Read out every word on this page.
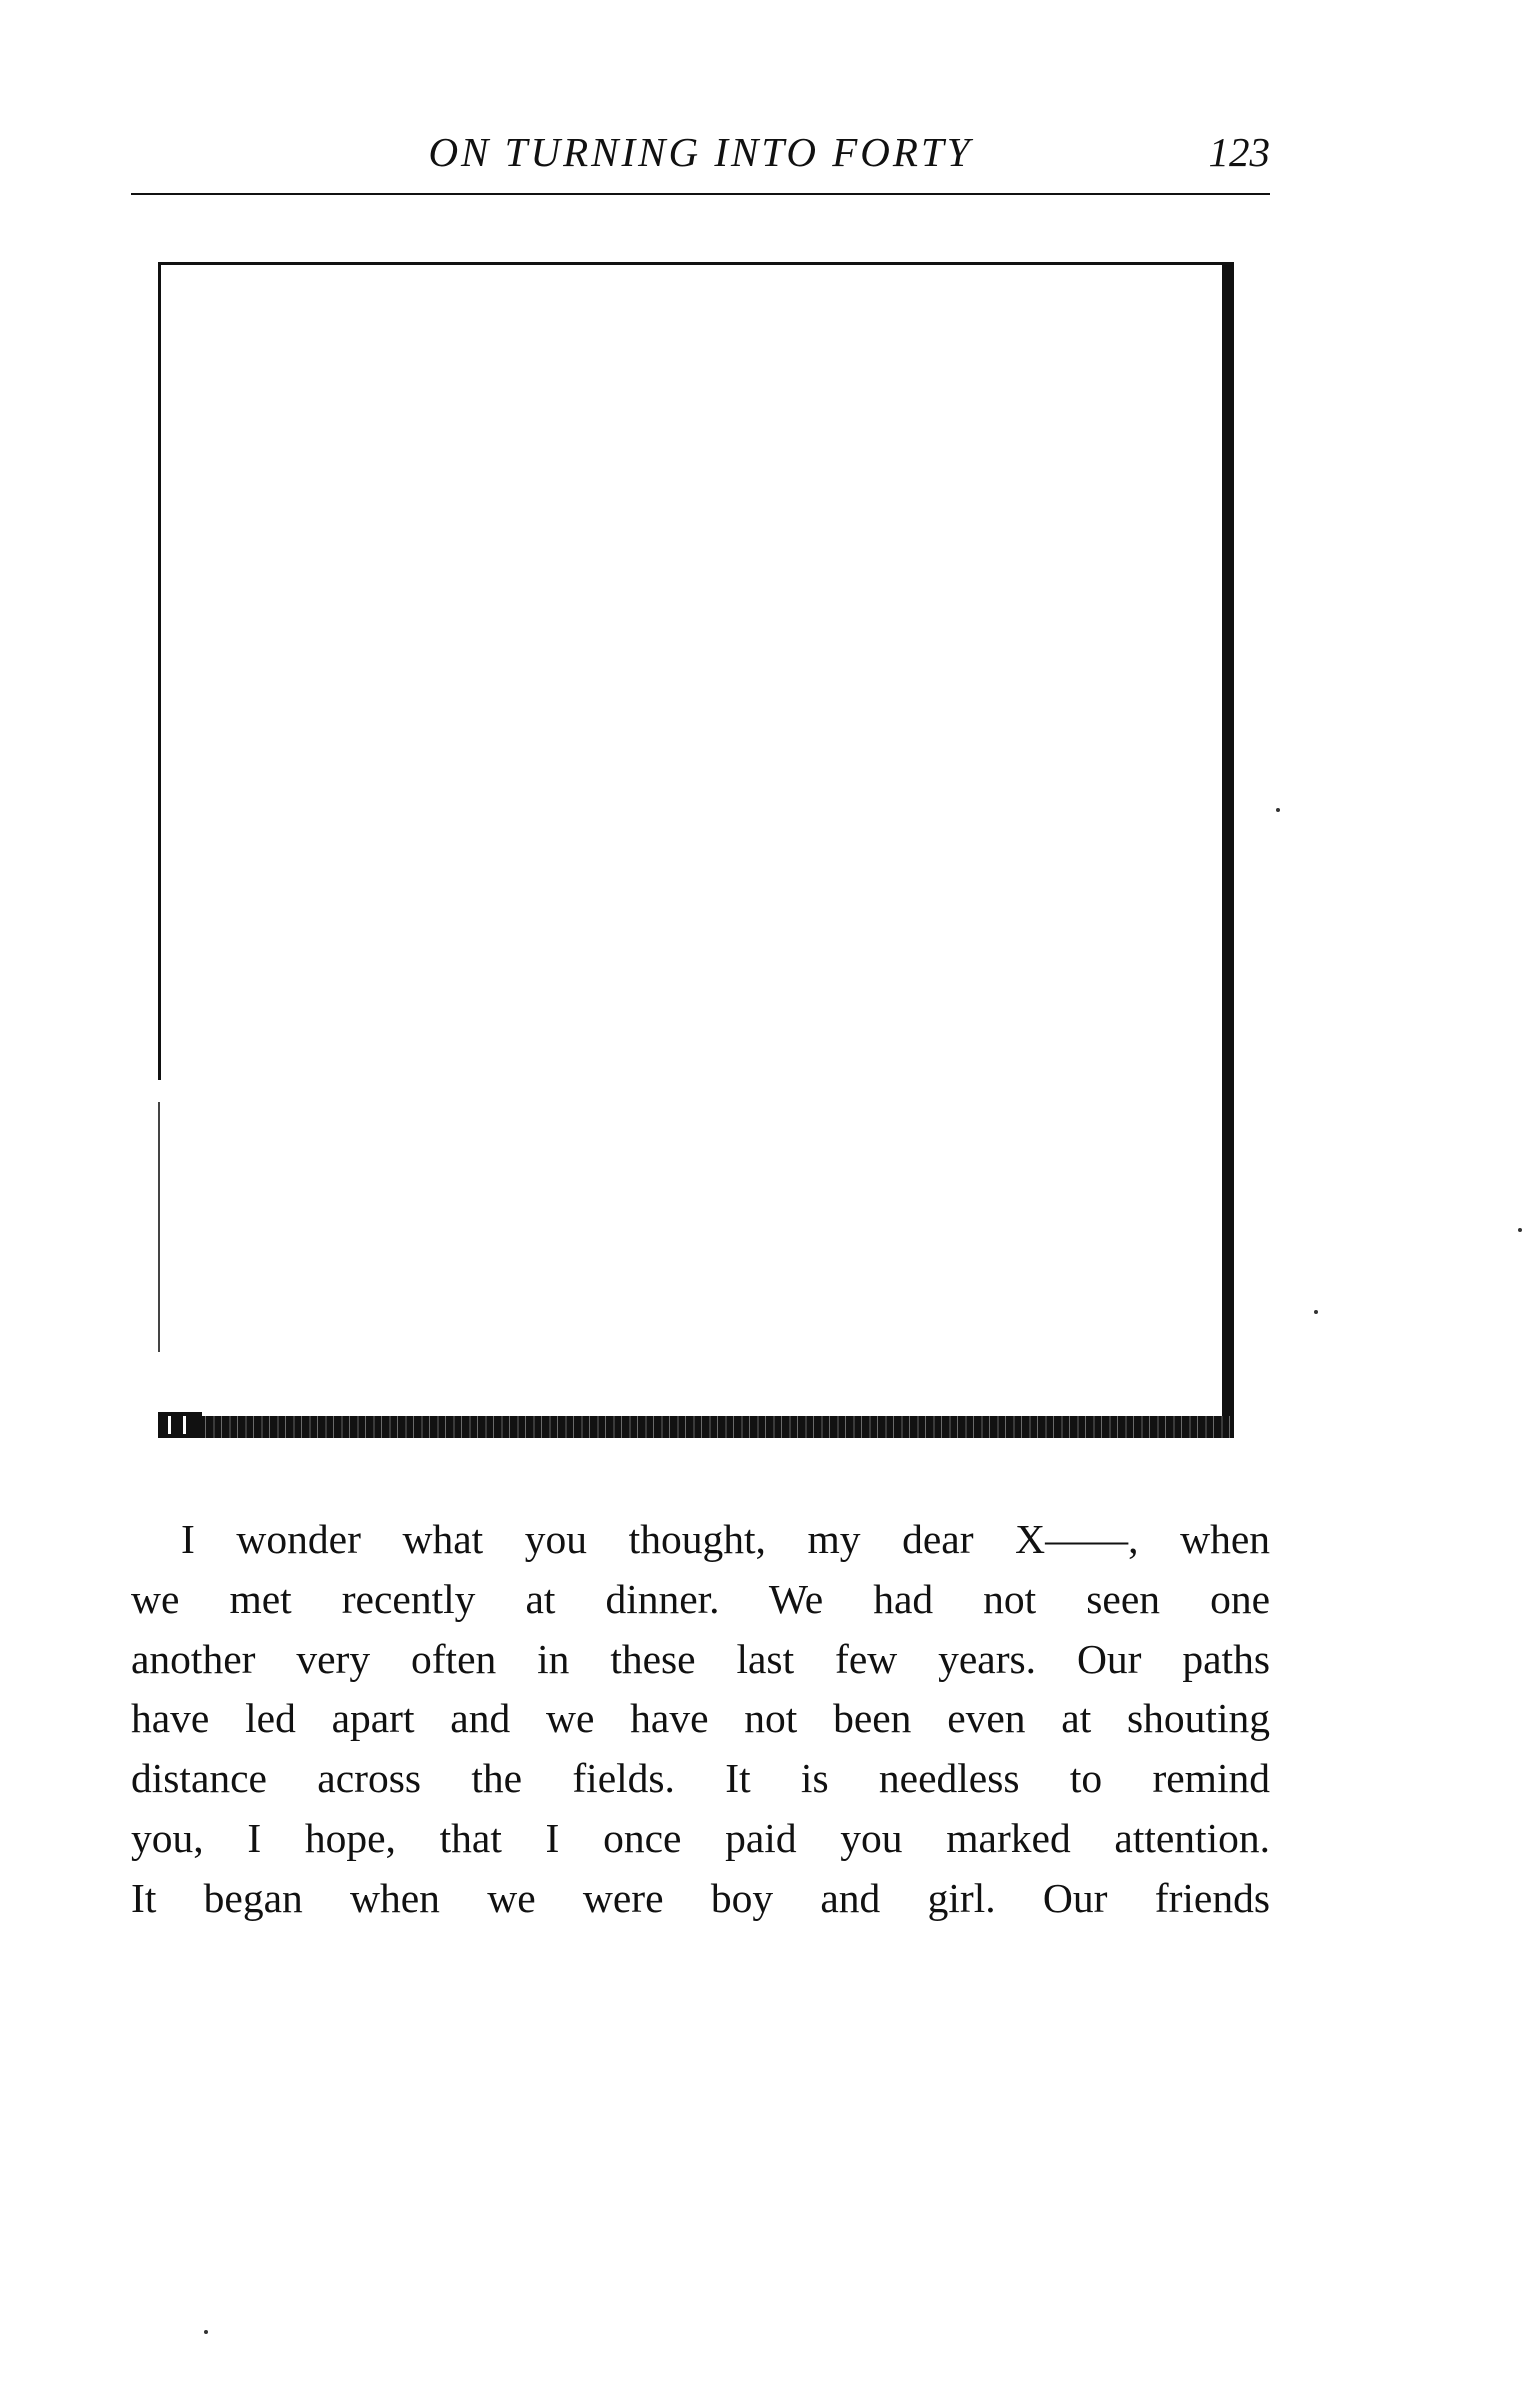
ON TURNING INTO FORTY	123
I wonder what you thought, my dear X——, when
we met recently at dinner. We had not seen one
another very often in these last few years. Our paths
have led apart and we have not been even at shouting
distance across the fields. It is needless to remind
you, I hope, that I once paid you marked attention.
It began when we were boy and girl. Our friends
